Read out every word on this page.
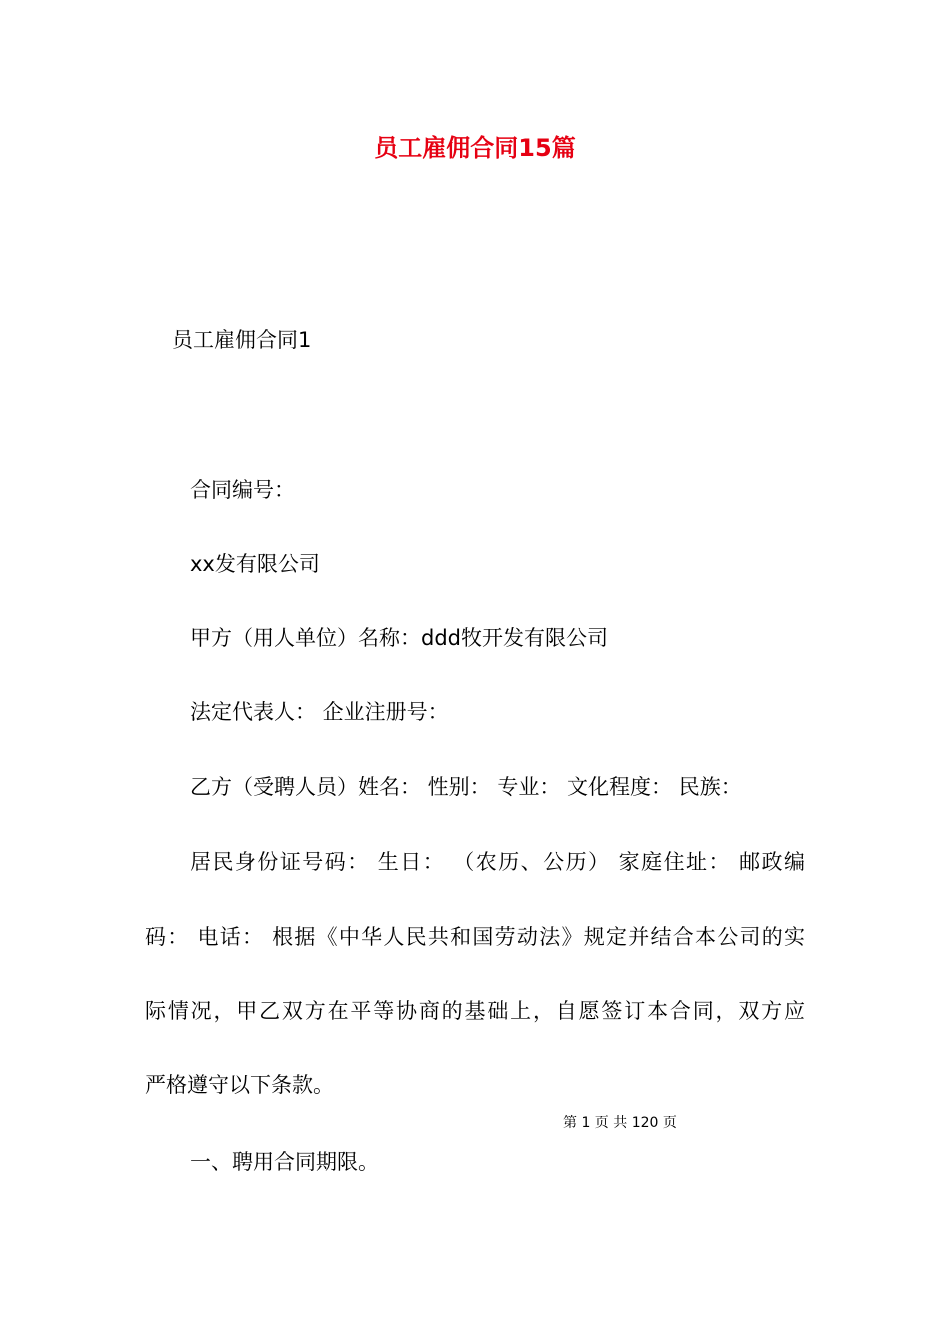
员工雇佣合同15篇

员工雇佣合同1

合同编号：

xx发有限公司

甲方（用人单位）名称：ddd牧开发有限公司

法定代表人： 企业注册号：

乙方（受聘人员）姓名： 性别： 专业： 文化程度： 民族：

居民身份证号码： 生日： （农历、公历） 家庭住址： 邮政编

码： 电话： 根据《中华人民共和国劳动法》规定并结合本公司的实

际情况，甲乙双方在平等协商的基础上，自愿签订本合同，双方应

严格遵守以下条款。

第 1 页 共 120 页

一、聘用合同期限。
